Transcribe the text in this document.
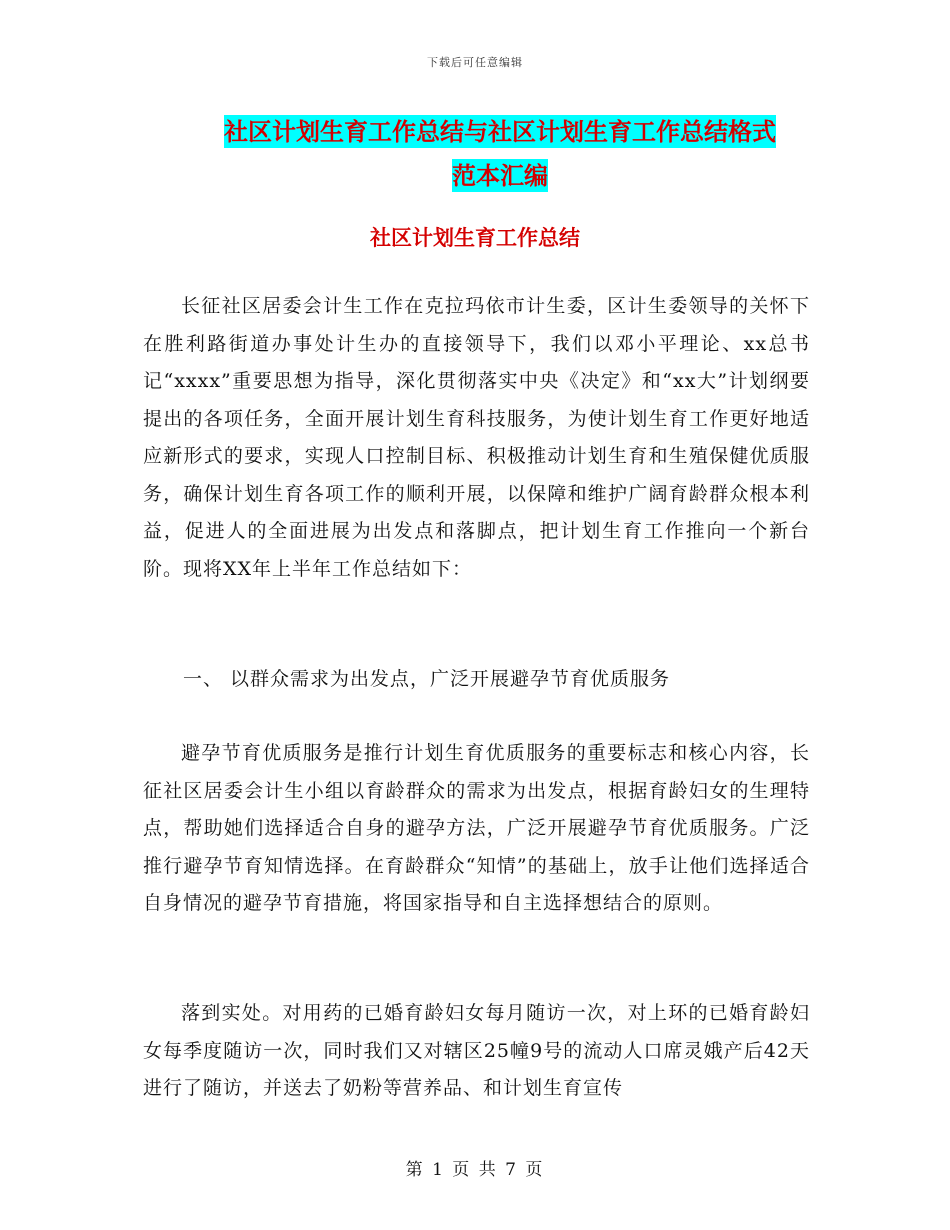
下载后可任意编辑
社区计划生育工作总结与社区计划生育工作总结格式
范本汇编
社区计划生育工作总结

长征社区居委会计生工作在克拉玛依市计生委，区计生委领导的关怀下在胜利路街道办事处计生办的直接领导下，我们以邓小平理论、xx总书记“xxxx”重要思想为指导，深化贯彻落实中央《决定》和“xx大”计划纲要提出的各项任务，全面开展计划生育科技服务，为使计划生育工作更好地适应新形式的要求，实现人口控制目标、积极推动计划生育和生殖保健优质服务，确保计划生育各项工作的顺利开展，以保障和维护广阔育龄群众根本利益，促进人的全面进展为出发点和落脚点，把计划生育工作推向一个新台阶。现将XX年上半年工作总结如下：

一、 以群众需求为出发点，广泛开展避孕节育优质服务

避孕节育优质服务是推行计划生育优质服务的重要标志和核心内容，长征社区居委会计生小组以育龄群众的需求为出发点，根据育龄妇女的生理特点，帮助她们选择适合自身的避孕方法，广泛开展避孕节育优质服务。广泛推行避孕节育知情选择。在育龄群众“知情”的基础上，放手让他们选择适合自身情况的避孕节育措施，将国家指导和自主选择想结合的原则。

落到实处。对用药的已婚育龄妇女每月随访一次，对上环的已婚育龄妇女每季度随访一次，同时我们又对辖区25幢9号的流动人口席灵娥产后42天进行了随访，并送去了奶粉等营养品、和计划生育宣传

第 1 页 共 7 页
